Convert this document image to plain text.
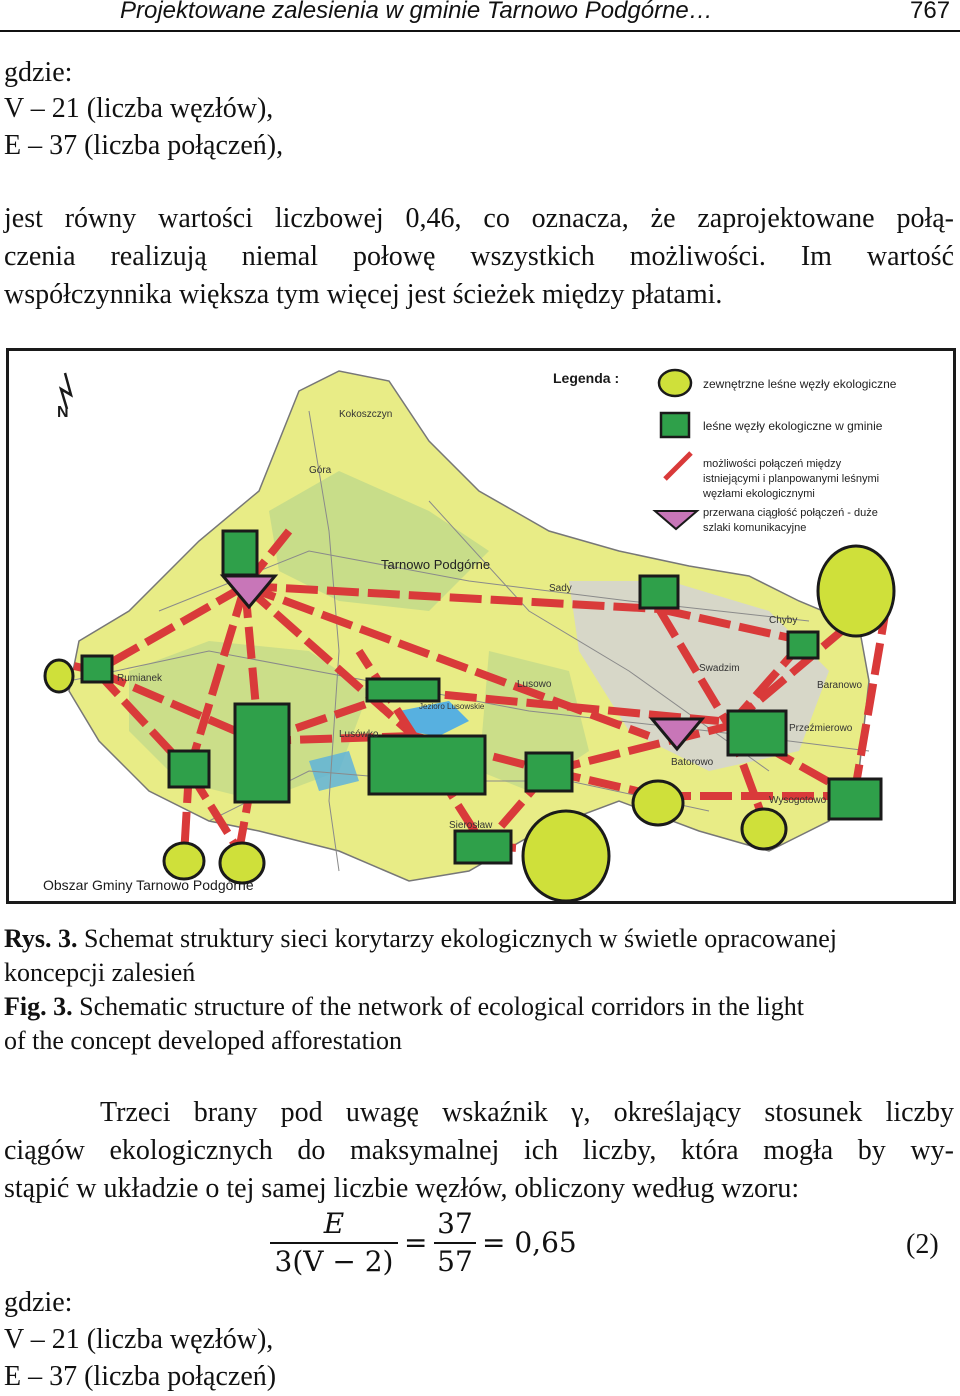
Projektowane zalesienia w gminie Tarnowo Podgórne…	767
gdzie:
V – 21 (liczba węzłów),
E – 37 (liczba połączeń),
jest równy wartości liczbowej 0,46, co oznacza, że zaprojektowane połą-
czenia realizują niemal połowę wszystkich możliwości. Im wartość
współczynnika większa tym więcej jest ścieżek między płatami.
N	Kokoszczyn
Góra
Tarnowo Podgórne
Sady
Chyby
Baranowo
Swadzim
Przeźmierowo
Lusowo
Jezioro Lusowskie
Batorowo
Wysogotowo
Lusówko
Sierosław
Rumianek
Obszar Gminy Tarnowo Podgórne
Legenda :	zewnętrzne leśne węzły ekologiczne
leśne węzły ekologiczne w gminie
możliwości połączeń między
istniejącymi i planpowanymi leśnymi
węzłami ekologicznymi
przerwana ciągłość połączeń - duże
szlaki komunikacyjne
Rys. 3. Schemat struktury sieci korytarzy ekologicznych w świetle opracowanej
koncepcji zalesień
Fig. 3. Schematic structure of the network of ecological corridors in the light
of the concept developed afforestation
Trzeci brany pod uwagę wskaźnik γ, określający stosunek liczby
ciągów ekologicznych do maksymalnej ich liczby, która mogła by wy-
stąpić w układzie o tej samej liczbie węzłów, obliczony według wzoru:
E
3(V − 2)
=
37
57
= 0,65	(2)
gdzie:
V – 21 (liczba węzłów),
E – 37 (liczba połączeń)
